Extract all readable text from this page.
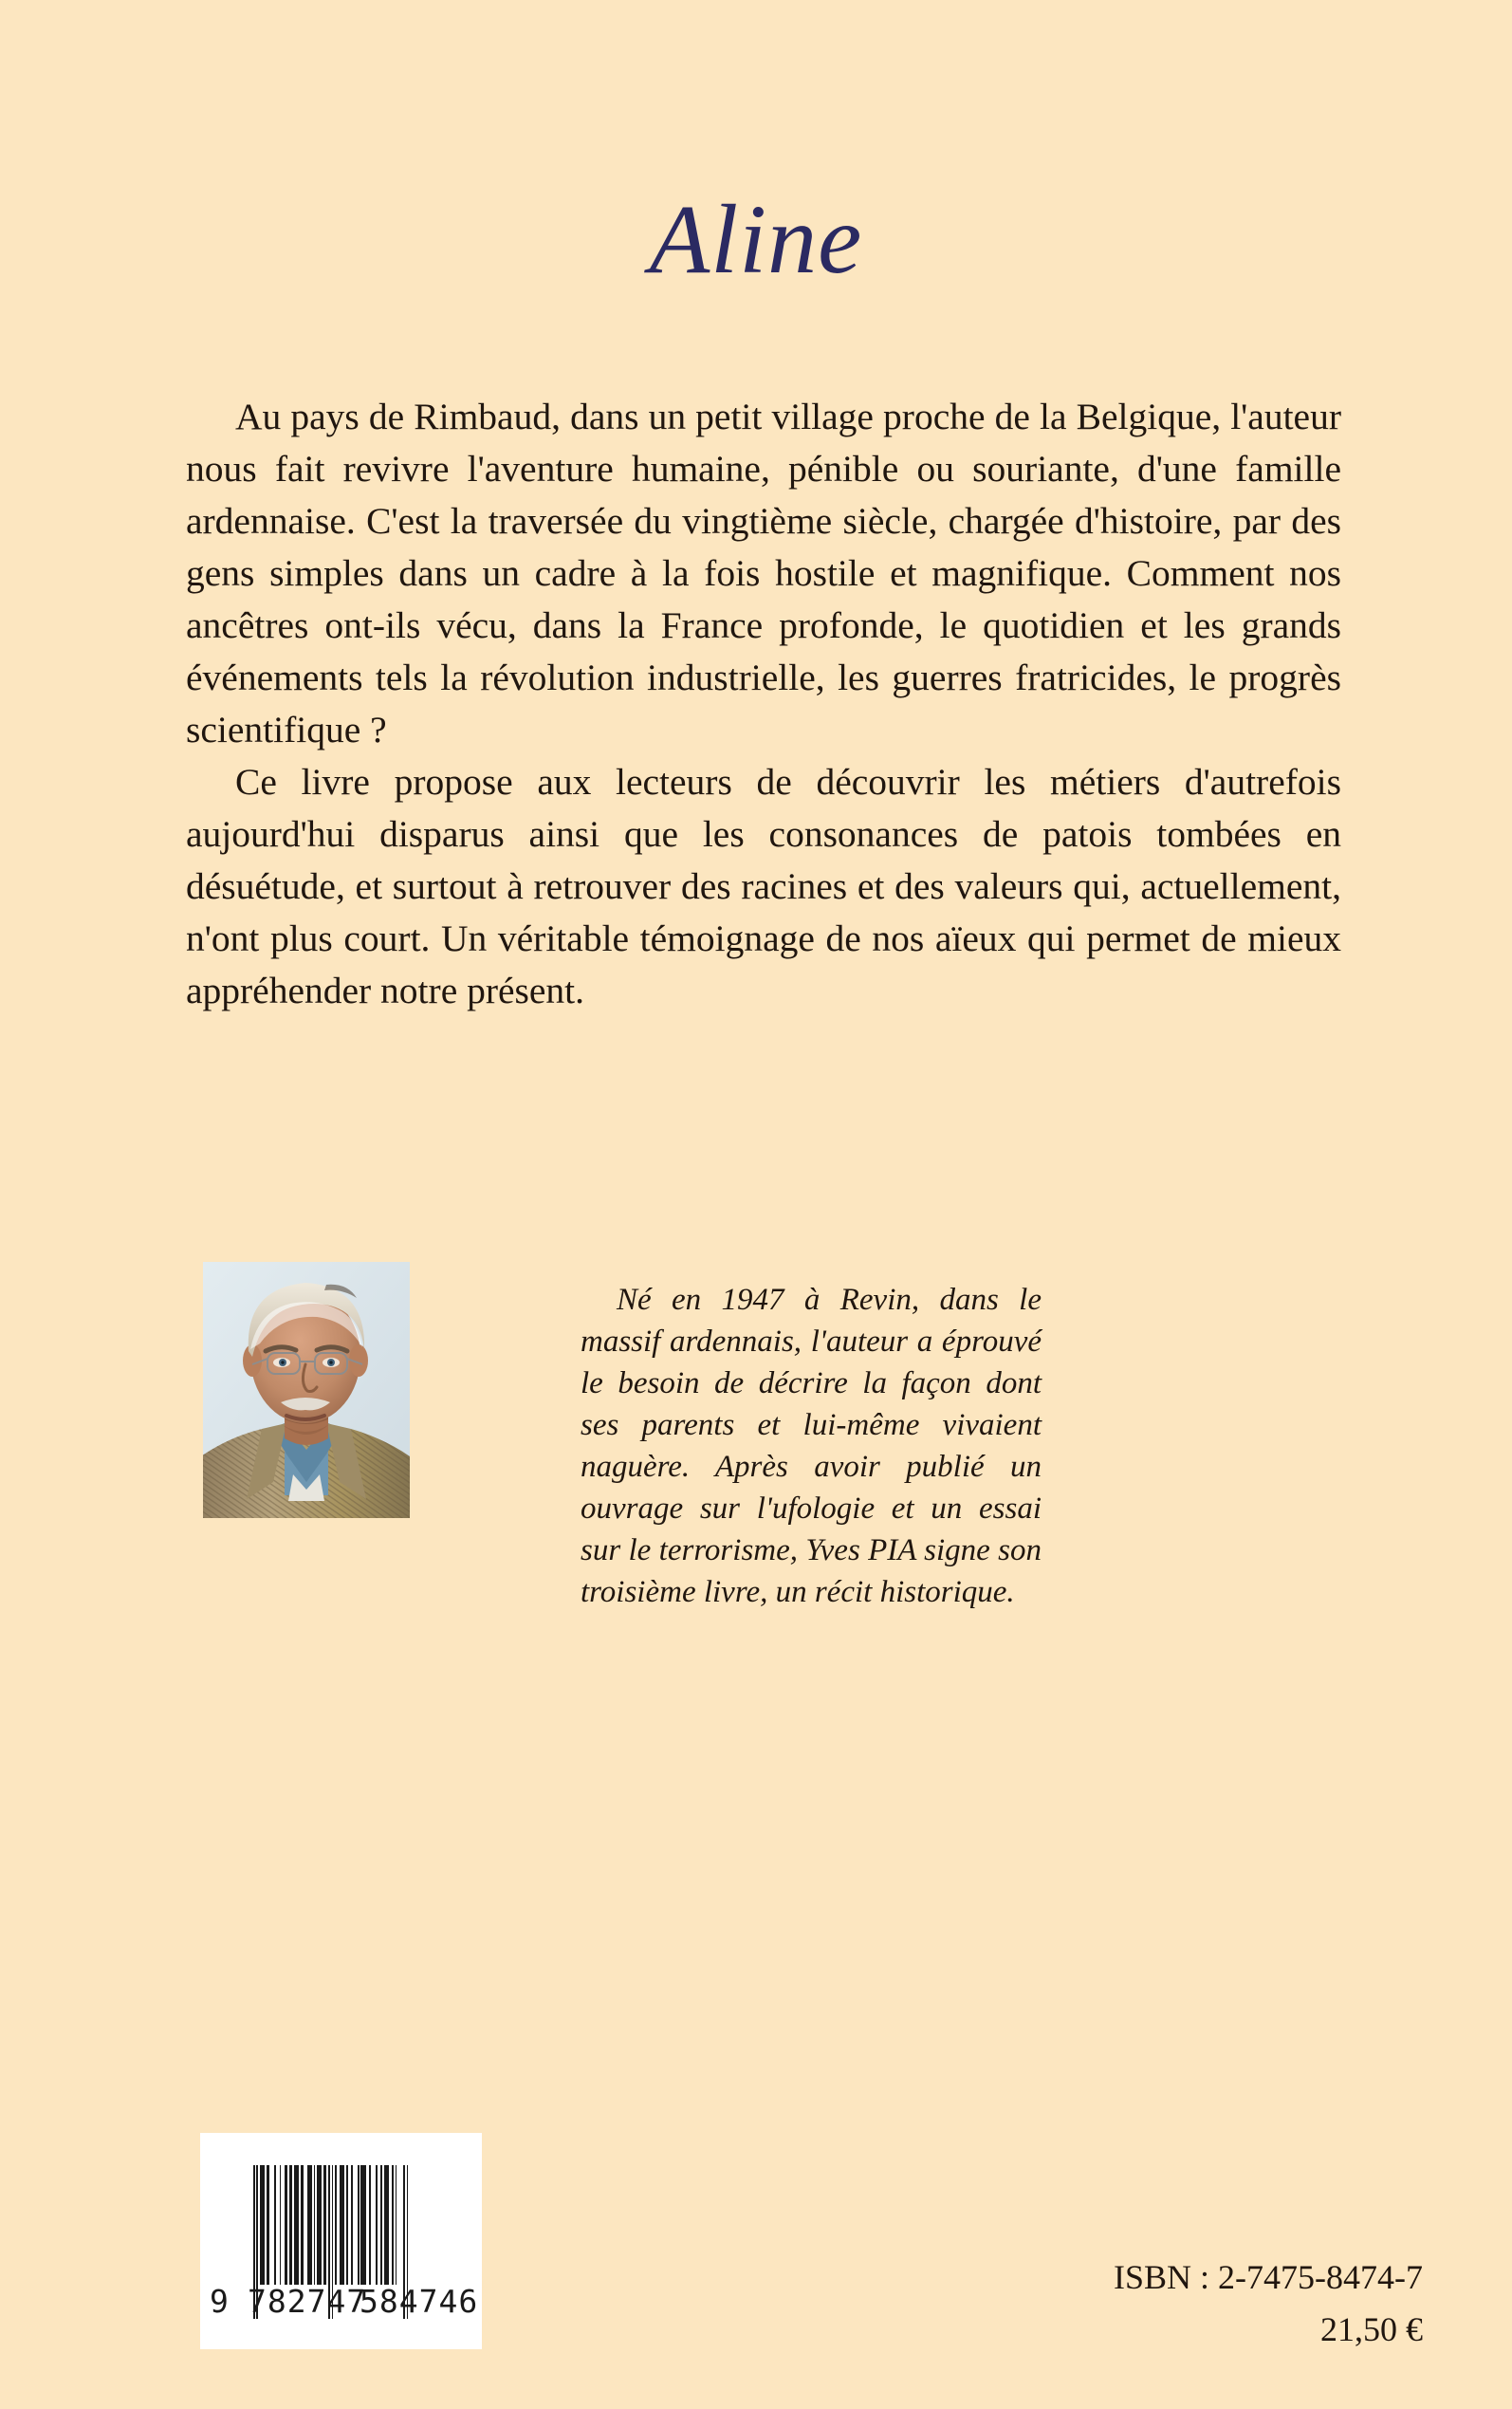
Aline

Au pays de Rimbaud, dans un petit village proche de la Belgique, l'auteur nous fait revivre l'aventure humaine, pénible ou souriante, d'une famille ardennaise. C'est la traversée du vingtième siècle, chargée d'histoire, par des gens simples dans un cadre à la fois hostile et magnifique. Comment nos ancêtres ont-ils vécu, dans la France profonde, le quotidien et les grands événements tels la révolution industrielle, les guerres fratricides, le progrès scientifique ?

Ce livre propose aux lecteurs de découvrir les métiers d'autrefois aujourd'hui disparus ainsi que les consonances de patois tombées en désuétude, et surtout à retrouver des racines et des valeurs qui, actuellement, n'ont plus court. Un véritable témoignage de nos aïeux qui permet de mieux appréhender notre présent.

Né en 1947 à Revin, dans le massif ardennais, l'auteur a éprouvé le besoin de décrire la façon dont ses parents et lui-même vivaient naguère. Après avoir publié un ouvrage sur l'ufologie et un essai sur le terrorisme, Yves PIA signe son troisième livre, un récit historique.

9 782747
584746
ISBN : 2-7475-8474-7
21,50 €
